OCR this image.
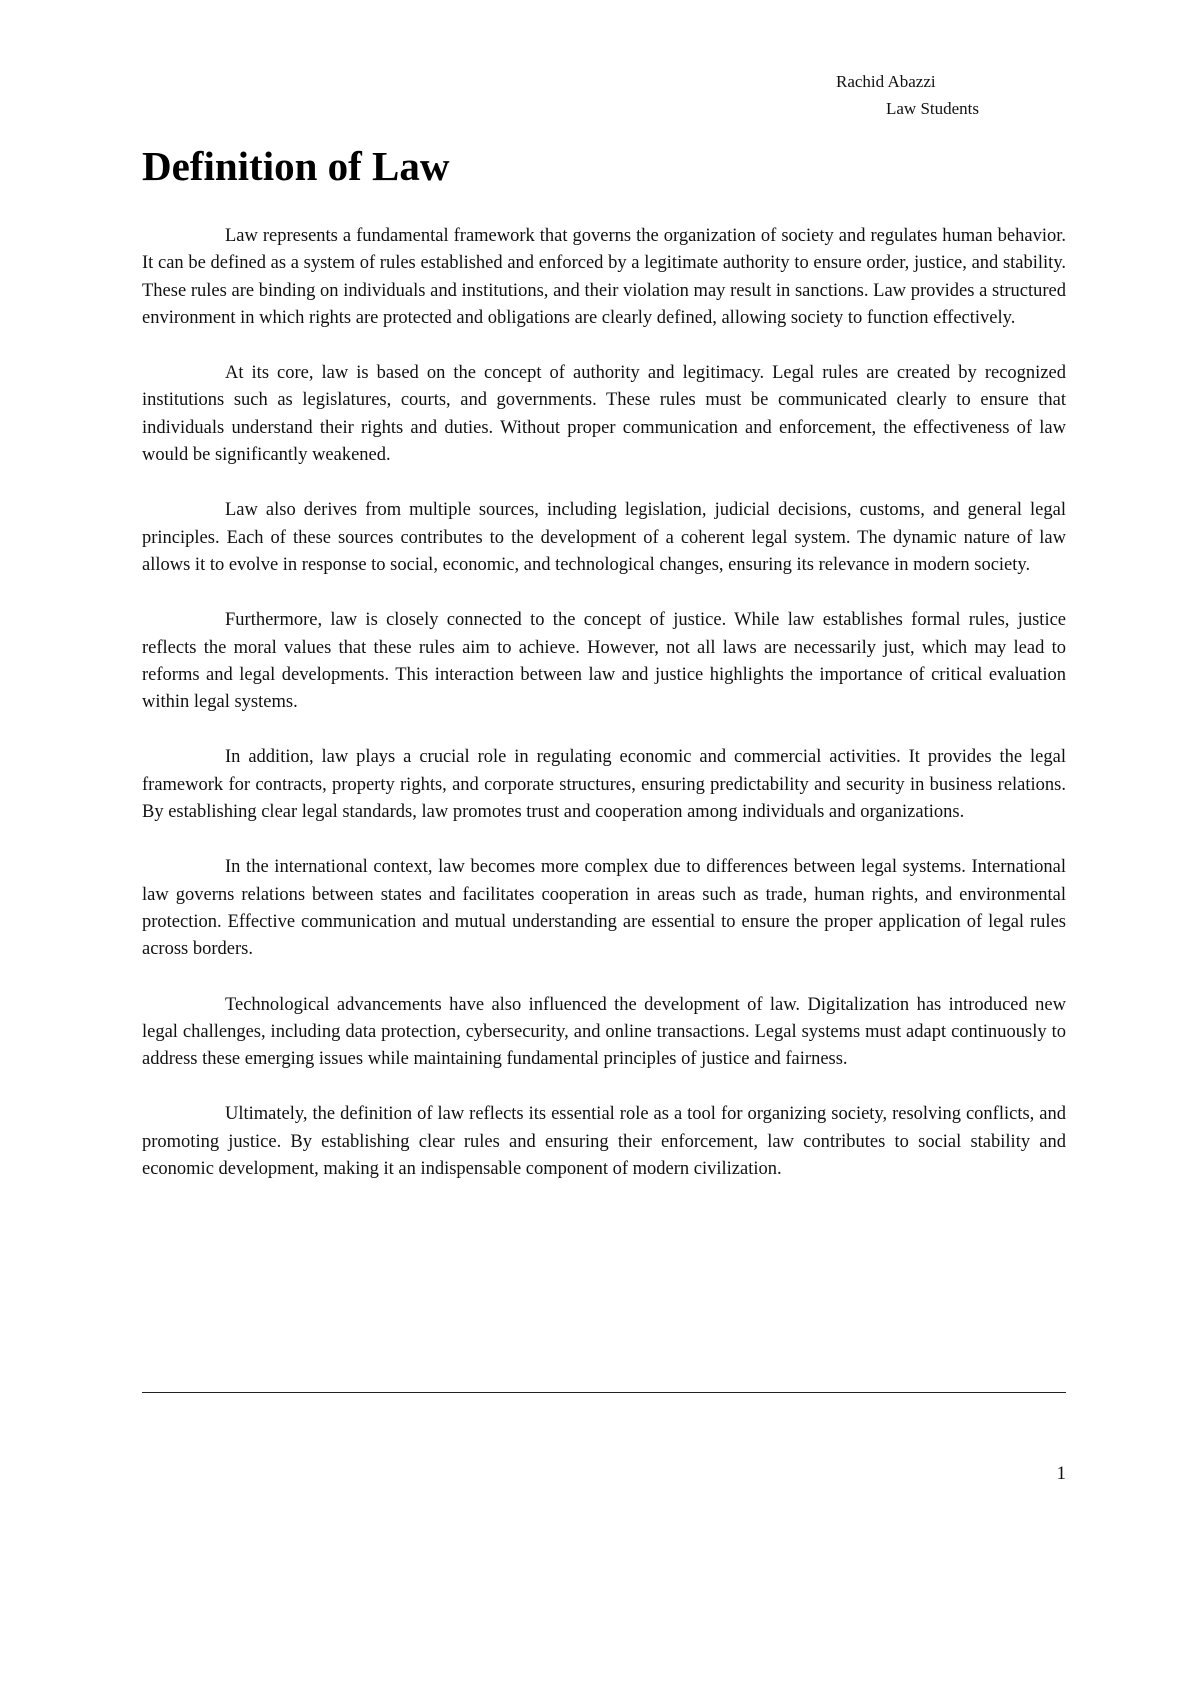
Rachid Abazzi
Law Students
Definition of Law

Law represents a fundamental framework that governs the organization of society and regulates human behavior. It can be defined as a system of rules established and enforced by a legitimate authority to ensure order, justice, and stability. These rules are binding on individuals and institutions, and their violation may result in sanctions. Law provides a structured environment in which rights are protected and obligations are clearly defined, allowing society to function effectively.

At its core, law is based on the concept of authority and legitimacy. Legal rules are created by recognized institutions such as legislatures, courts, and governments. These rules must be communicated clearly to ensure that individuals understand their rights and duties. Without proper communication and enforcement, the effectiveness of law would be significantly weakened.

Law also derives from multiple sources, including legislation, judicial decisions, customs, and general legal principles. Each of these sources contributes to the development of a coherent legal system. The dynamic nature of law allows it to evolve in response to social, economic, and technological changes, ensuring its relevance in modern society.

Furthermore, law is closely connected to the concept of justice. While law establishes formal rules, justice reflects the moral values that these rules aim to achieve. However, not all laws are necessarily just, which may lead to reforms and legal developments. This interaction between law and justice highlights the importance of critical evaluation within legal systems.

In addition, law plays a crucial role in regulating economic and commercial activities. It provides the legal framework for contracts, property rights, and corporate structures, ensuring predictability and security in business relations. By establishing clear legal standards, law promotes trust and cooperation among individuals and organizations.

In the international context, law becomes more complex due to differences between legal systems. International law governs relations between states and facilitates cooperation in areas such as trade, human rights, and environmental protection. Effective communication and mutual understanding are essential to ensure the proper application of legal rules across borders.

Technological advancements have also influenced the development of law. Digitalization has introduced new legal challenges, including data protection, cybersecurity, and online transactions. Legal systems must adapt continuously to address these emerging issues while maintaining fundamental principles of justice and fairness.

Ultimately, the definition of law reflects its essential role as a tool for organizing society, resolving conflicts, and promoting justice. By establishing clear rules and ensuring their enforcement, law contributes to social stability and economic development, making it an indispensable component of modern civilization.

1
